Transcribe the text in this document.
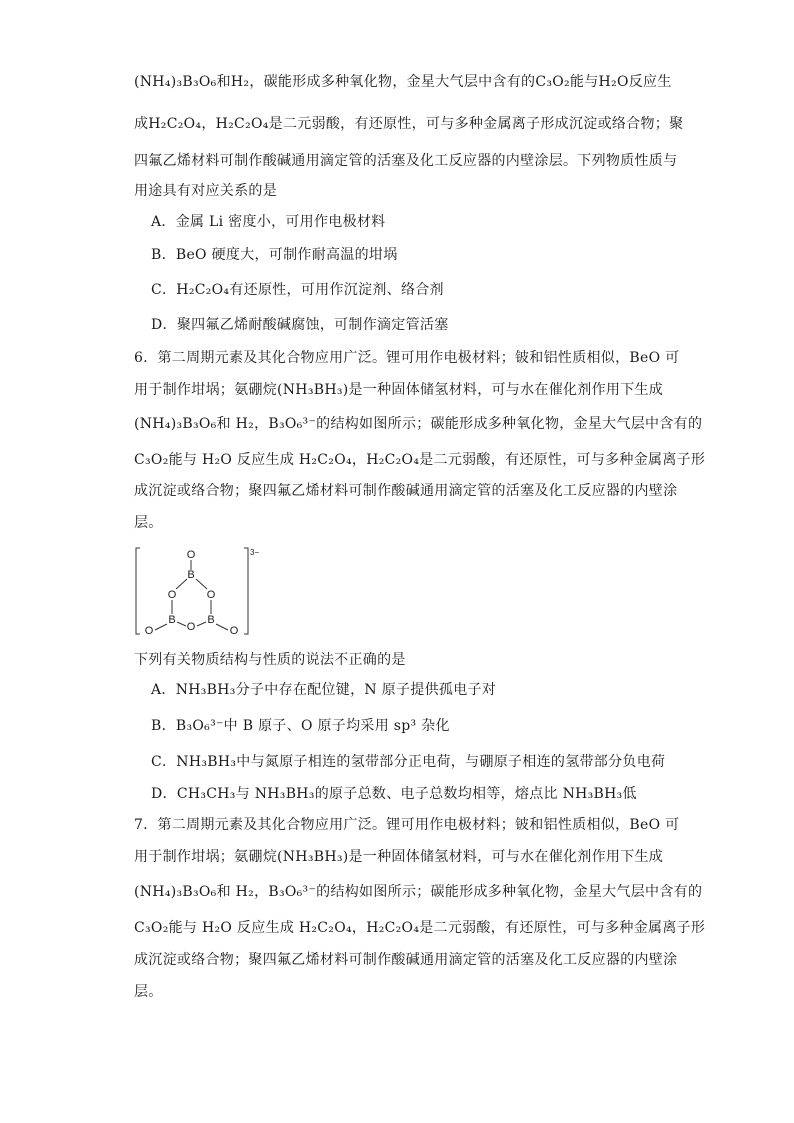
(NH₄)₃B₃O₆和H₂，碳能形成多种氧化物，金星大气层中含有的C₃O₂能与H₂O反应生
成H₂C₂O₄，H₂C₂O₄是二元弱酸，有还原性，可与多种金属离子形成沉淀或络合物；聚
四氟乙烯材料可制作酸碱通用滴定管的活塞及化工反应器的内壁涂层。下列物质性质与
用途具有对应关系的是
A．金属 Li 密度小，可用作电极材料
B．BeO 硬度大，可制作耐高温的坩埚
C．H₂C₂O₄有还原性，可用作沉淀剂、络合剂
D．聚四氟乙烯耐酸碱腐蚀，可制作滴定管活塞
6．第二周期元素及其化合物应用广泛。锂可用作电极材料；铍和铝性质相似，BeO 可
用于制作坩埚；氨硼烷(NH₃BH₃)是一种固体储氢材料，可与水在催化剂作用下生成
(NH₄)₃B₃O₆和 H₂，B₃O₆³⁻的结构如图所示；碳能形成多种氧化物，金星大气层中含有的
C₃O₂能与 H₂O 反应生成 H₂C₂O₄，H₂C₂O₄是二元弱酸，有还原性，可与多种金属离子形
成沉淀或络合物；聚四氟乙烯材料可制作酸碱通用滴定管的活塞及化工反应器的内壁涂
层。
O
B
O	O
B	B
O
O	O
3−
下列有关物质结构与性质的说法不正确的是
A．NH₃BH₃分子中存在配位键，N 原子提供孤电子对
B．B₃O₆³⁻中 B 原子、O 原子均采用 sp³ 杂化
C．NH₃BH₃中与氮原子相连的氢带部分正电荷，与硼原子相连的氢带部分负电荷
D．CH₃CH₃与 NH₃BH₃的原子总数、电子总数均相等，熔点比 NH₃BH₃低
7．第二周期元素及其化合物应用广泛。锂可用作电极材料；铍和铝性质相似，BeO 可
用于制作坩埚；氨硼烷(NH₃BH₃)是一种固体储氢材料，可与水在催化剂作用下生成
(NH₄)₃B₃O₆和 H₂，B₃O₆³⁻的结构如图所示；碳能形成多种氧化物，金星大气层中含有的
C₃O₂能与 H₂O 反应生成 H₂C₂O₄，H₂C₂O₄是二元弱酸，有还原性，可与多种金属离子形
成沉淀或络合物；聚四氟乙烯材料可制作酸碱通用滴定管的活塞及化工反应器的内壁涂
层。
